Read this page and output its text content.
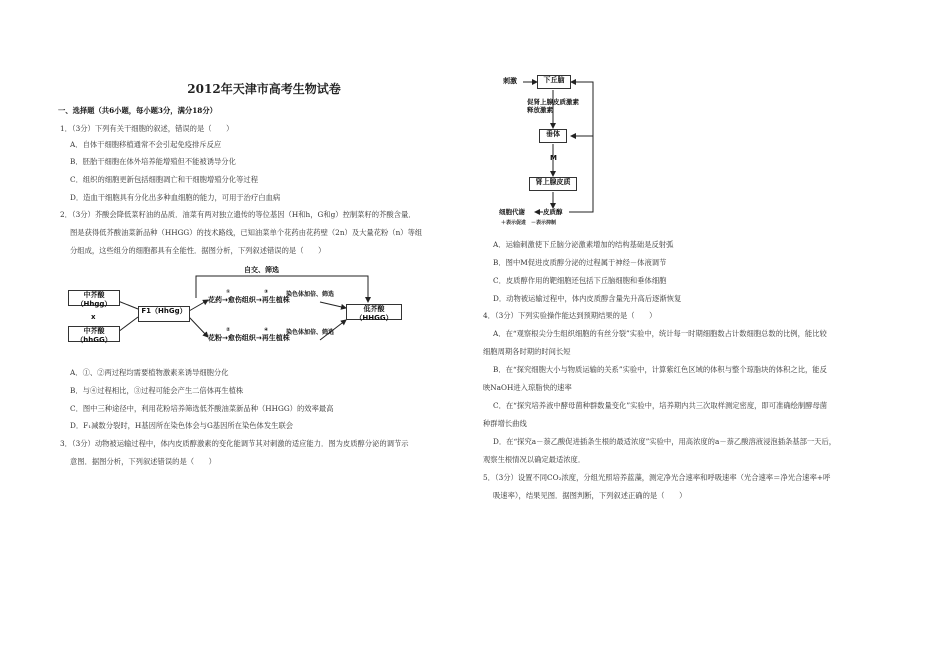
2012年天津市高考生物试卷
一、选择题（共6小题，每小题3分，满分18分）
1．（3分）下列有关干细胞的叙述，错误的是（　　）
A．自体干细胞移植通常不会引起免疫排斥反应
B．胚胎干细胞在体外培养能增殖但不能被诱导分化
C．组织的细胞更新包括细胞凋亡和干细胞增殖分化等过程
D．造血干细胞具有分化出多种血细胞的能力，可用于治疗白血病
2．（3分）芥酸会降低菜籽油的品质．油菜有两对独立遗传的等位基因（H和h，G和g）控制菜籽的芥酸含量．
图是获得低芥酸油菜新品种（HHGG）的技术路线，已知油菜单个花药由花药壁（2n）及大量花粉（n）等组
分组成，这些组分的细胞都具有全能性．据图分析，下列叙述错误的是（　　）
中芥酸（Hhgg）
x
中芥酸（hhGG）
F1（HhGg）
自交、筛选
花药→愈伤组织→再生植株
花粉→愈伤组织→再生植株
①	③
②	④
染色体加倍、筛选
染色体加倍、筛选
低芥酸（HHGG）
A．①、②两过程均需要植物激素来诱导细胞分化
B．与④过程相比，③过程可能会产生二倍体再生植株
C．图中三种途径中，利用花粉培养筛选低芥酸油菜新品种（HHGG）的效率最高
D．F₁减数分裂时，H基因所在染色体会与G基因所在染色体发生联会
3．（3分）动物被运输过程中，体内皮质醇激素的变化能调节其对刺激的适应能力．图为皮质醇分泌的调节示
意图．据图分析，下列叙述错误的是（　　）
刺激	下丘脑
促肾上腺皮质激素释放激素
垂体
M
肾上腺皮质
细胞代谢	皮质醇
＋表示促进　－表示抑制
A．运输刺激使下丘脑分泌激素增加的结构基础是反射弧
B．图中M促进皮质醇分泌的过程属于神经－体液调节
C．皮质醇作用的靶细胞还包括下丘脑细胞和垂体细胞
D．动物被运输过程中，体内皮质醇含量先升高后逐渐恢复
4．（3分）下列实验操作能达到预期结果的是（　　）
A．在“观察根尖分生组织细胞的有丝分裂”实验中，统计每一时期细胞数占计数细胞总数的比例，能比较
细胞周期各时期的时间长短
B．在“探究细胞大小与物质运输的关系”实验中，计算紫红色区域的体积与整个琼脂块的体积之比，能反
映NaOH进入琼脂快的速率
C．在“探究培养液中酵母菌种群数量变化”实验中，培养期内共三次取样测定密度，即可准确绘制酵母菌
种群增长曲线
D．在“探究a－萘乙酸促进插条生根的最适浓度”实验中，用高浓度的a－萘乙酸溶液浸泡插条基部一天后，
观察生根情况以确定最适浓度．
5．（3分）设置不同CO₂浓度，分组光照培养蓝藻，测定净光合速率和呼吸速率（光合速率＝净光合速率+呼
吸速率），结果见图．据图判断，下列叙述正确的是（　　）
